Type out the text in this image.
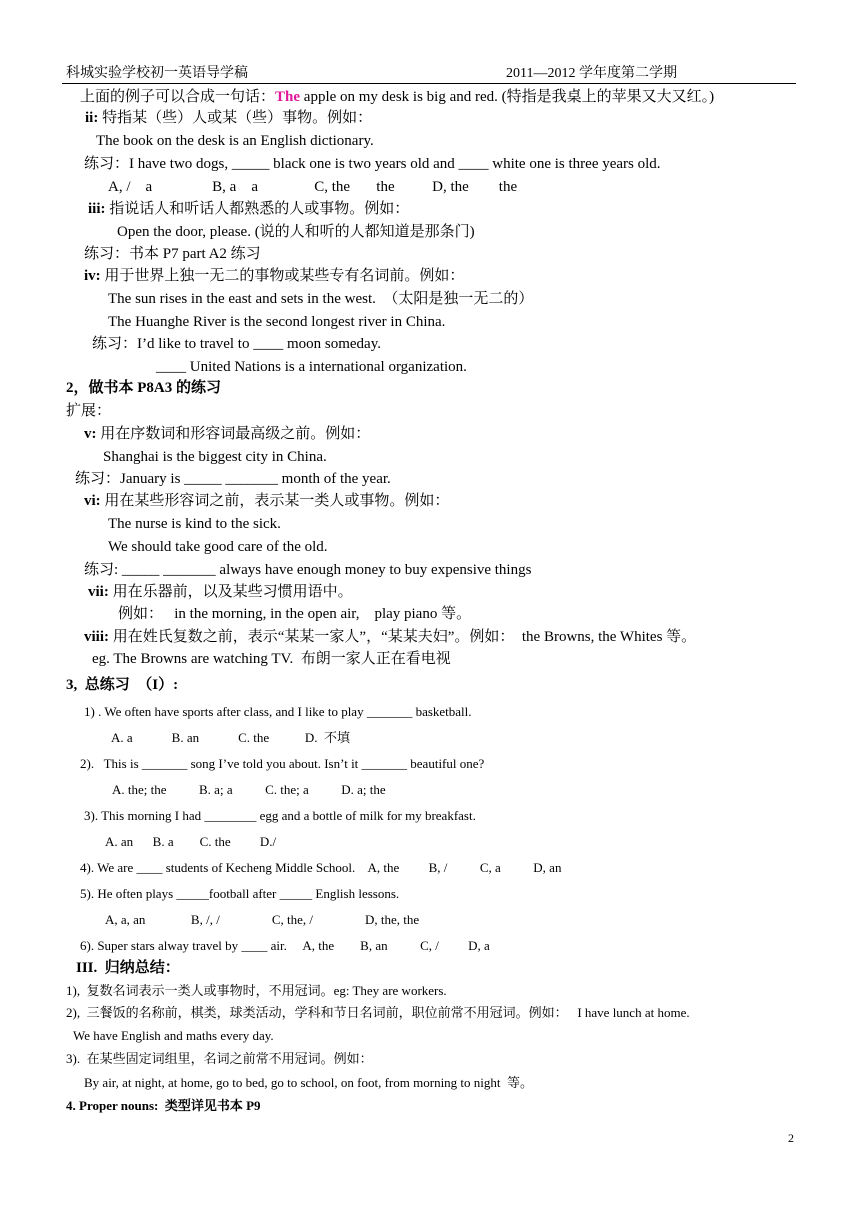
科城实验学校初一英语导学稿	2011—2012 学年度第二学期
上面的例子可以合成一句话：The apple on my desk is big and red. (特指是我桌上的苹果又大又红。)
ii: 特指某（些）人或某（些）事物。例如：
The book on the desk is an English dictionary.
练习：I have two dogs, _____ black one is two years old and ____ white one is three years old.
A, /    a                B, a    a               C, the       the          D, the        the
iii: 指说话人和听话人都熟悉的人或事物。例如：
Open the door, please. (说的人和听的人都知道是那条门)
练习：书本 P7 part A2 练习
iv: 用于世界上独一无二的事物或某些专有名词前。例如：
The sun rises in the east and sets in the west.  （太阳是独一无二的）
The Huanghe River is the second longest river in China.
练习：I’d like to travel to ____ moon someday.
____ United Nations is a international organization.
2，做书本 P8A3 的练习
扩展：
v: 用在序数词和形容词最高级之前。例如：
Shanghai is the biggest city in China.
练习：January is _____ _______ month of the year.
vi: 用在某些形容词之前，表示某一类人或事物。例如：
The nurse is kind to the sick.
We should take good care of the old.
练习: _____ _______ always have enough money to buy expensive things
vii: 用在乐器前，以及某些习惯用语中。
例如：   in the morning, in the open air,    play piano 等。
viii: 用在姓氏复数之前，表示“某某一家人”，“某某夫妇”。例如：  the Browns, the Whites 等。
eg. The Browns are watching TV.  布朗一家人正在看电视
3,  总练习  （I）:
1) . We often have sports after class, and I like to play _______ basketball.
A. a            B. an            C. the           D.  不填
2).   This is _______ song I’ve told you about. Isn’t it _______ beautiful one?
A. the; the          B. a; a          C. the; a          D. a; the
3). This morning I had ________ egg and a bottle of milk for my breakfast.
A. an      B. a        C. the         D./
4). We are ____ students of Kecheng Middle School.    A, the         B, /          C, a          D, an
5). He often plays _____football after _____ English lessons.
A, a, an              B, /, /                C, the, /                D, the, the
6). Super stars alway travel by ____ air.     A, the        B, an          C, /         D, a
III.  归纳总结：
1),  复数名词表示一类人或事物时，不用冠词。eg: They are workers.
2),  三餐饭的名称前，棋类，球类活动，学科和节日名词前，职位前常不用冠词。例如：   I have lunch at home.
We have English and maths every day.
3).  在某些固定词组里，名词之前常不用冠词。例如：
By air, at night, at home, go to bed, go to school, on foot, from morning to night  等。
4. Proper nouns:  类型详见书本 P9
2
